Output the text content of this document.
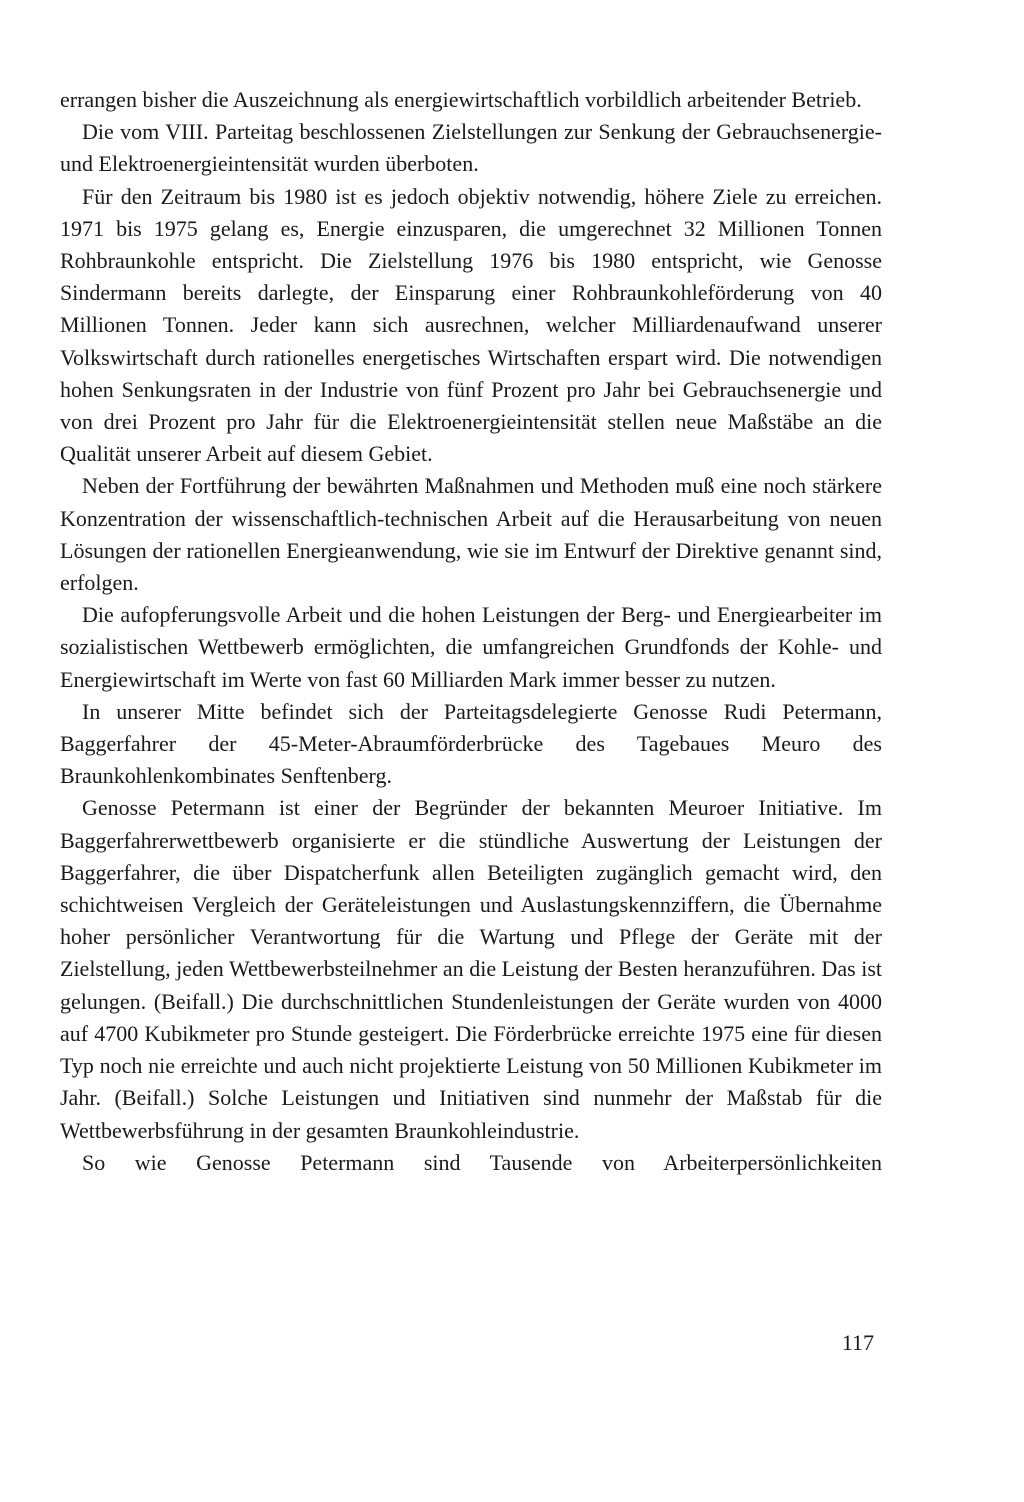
errangen bisher die Auszeichnung als energiewirtschaftlich vorbildlich arbeitender Betrieb.

Die vom VIII. Parteitag beschlossenen Zielstellungen zur Senkung der Gebrauchsenergie- und Elektroenergieintensität wurden überboten.

Für den Zeitraum bis 1980 ist es jedoch objektiv notwendig, höhere Ziele zu erreichen. 1971 bis 1975 gelang es, Energie einzusparen, die umgerechnet 32 Millionen Tonnen Rohbraunkohle entspricht. Die Zielstellung 1976 bis 1980 entspricht, wie Genosse Sindermann bereits darlegte, der Einsparung einer Rohbraunkohleförderung von 40 Millionen Tonnen. Jeder kann sich ausrechnen, welcher Milliardenaufwand unserer Volkswirtschaft durch rationelles energetisches Wirtschaften erspart wird. Die notwendigen hohen Senkungsraten in der Industrie von fünf Prozent pro Jahr bei Gebrauchsenergie und von drei Prozent pro Jahr für die Elektroenergieintensität stellen neue Maßstäbe an die Qualität unserer Arbeit auf diesem Gebiet.

Neben der Fortführung der bewährten Maßnahmen und Methoden muß eine noch stärkere Konzentration der wissenschaftlich-technischen Arbeit auf die Herausarbeitung von neuen Lösungen der rationellen Energieanwendung, wie sie im Entwurf der Direktive genannt sind, erfolgen.

Die aufopferungsvolle Arbeit und die hohen Leistungen der Berg- und Energiearbeiter im sozialistischen Wettbewerb ermöglichten, die umfangreichen Grundfonds der Kohle- und Energiewirtschaft im Werte von fast 60 Milliarden Mark immer besser zu nutzen.

In unserer Mitte befindet sich der Parteitagsdelegierte Genosse Rudi Petermann, Baggerfahrer der 45-Meter-Abraumförderbrücke des Tagebaues Meuro des Braunkohlenkombinates Senftenberg.

Genosse Petermann ist einer der Begründer der bekannten Meuroer Initiative. Im Baggerfahrerwettbewerb organisierte er die stündliche Auswertung der Leistungen der Baggerfahrer, die über Dispatcherfunk allen Beteiligten zugänglich gemacht wird, den schichtweisen Vergleich der Geräteleistungen und Auslastungskennziffern, die Übernahme hoher persönlicher Verantwortung für die Wartung und Pflege der Geräte mit der Zielstellung, jeden Wettbewerbsteilnehmer an die Leistung der Besten heranzuführen. Das ist gelungen. (Beifall.) Die durchschnittlichen Stundenleistungen der Geräte wurden von 4000 auf 4700 Kubikmeter pro Stunde gesteigert. Die Förderbrücke erreichte 1975 eine für diesen Typ noch nie erreichte und auch nicht projektierte Leistung von 50 Millionen Kubikmeter im Jahr. (Beifall.) Solche Leistungen und Initiativen sind nunmehr der Maßstab für die Wettbewerbsführung in der gesamten Braunkohleindustrie.

So wie Genosse Petermann sind Tausende von Arbeiterpersönlichkeiten

117
